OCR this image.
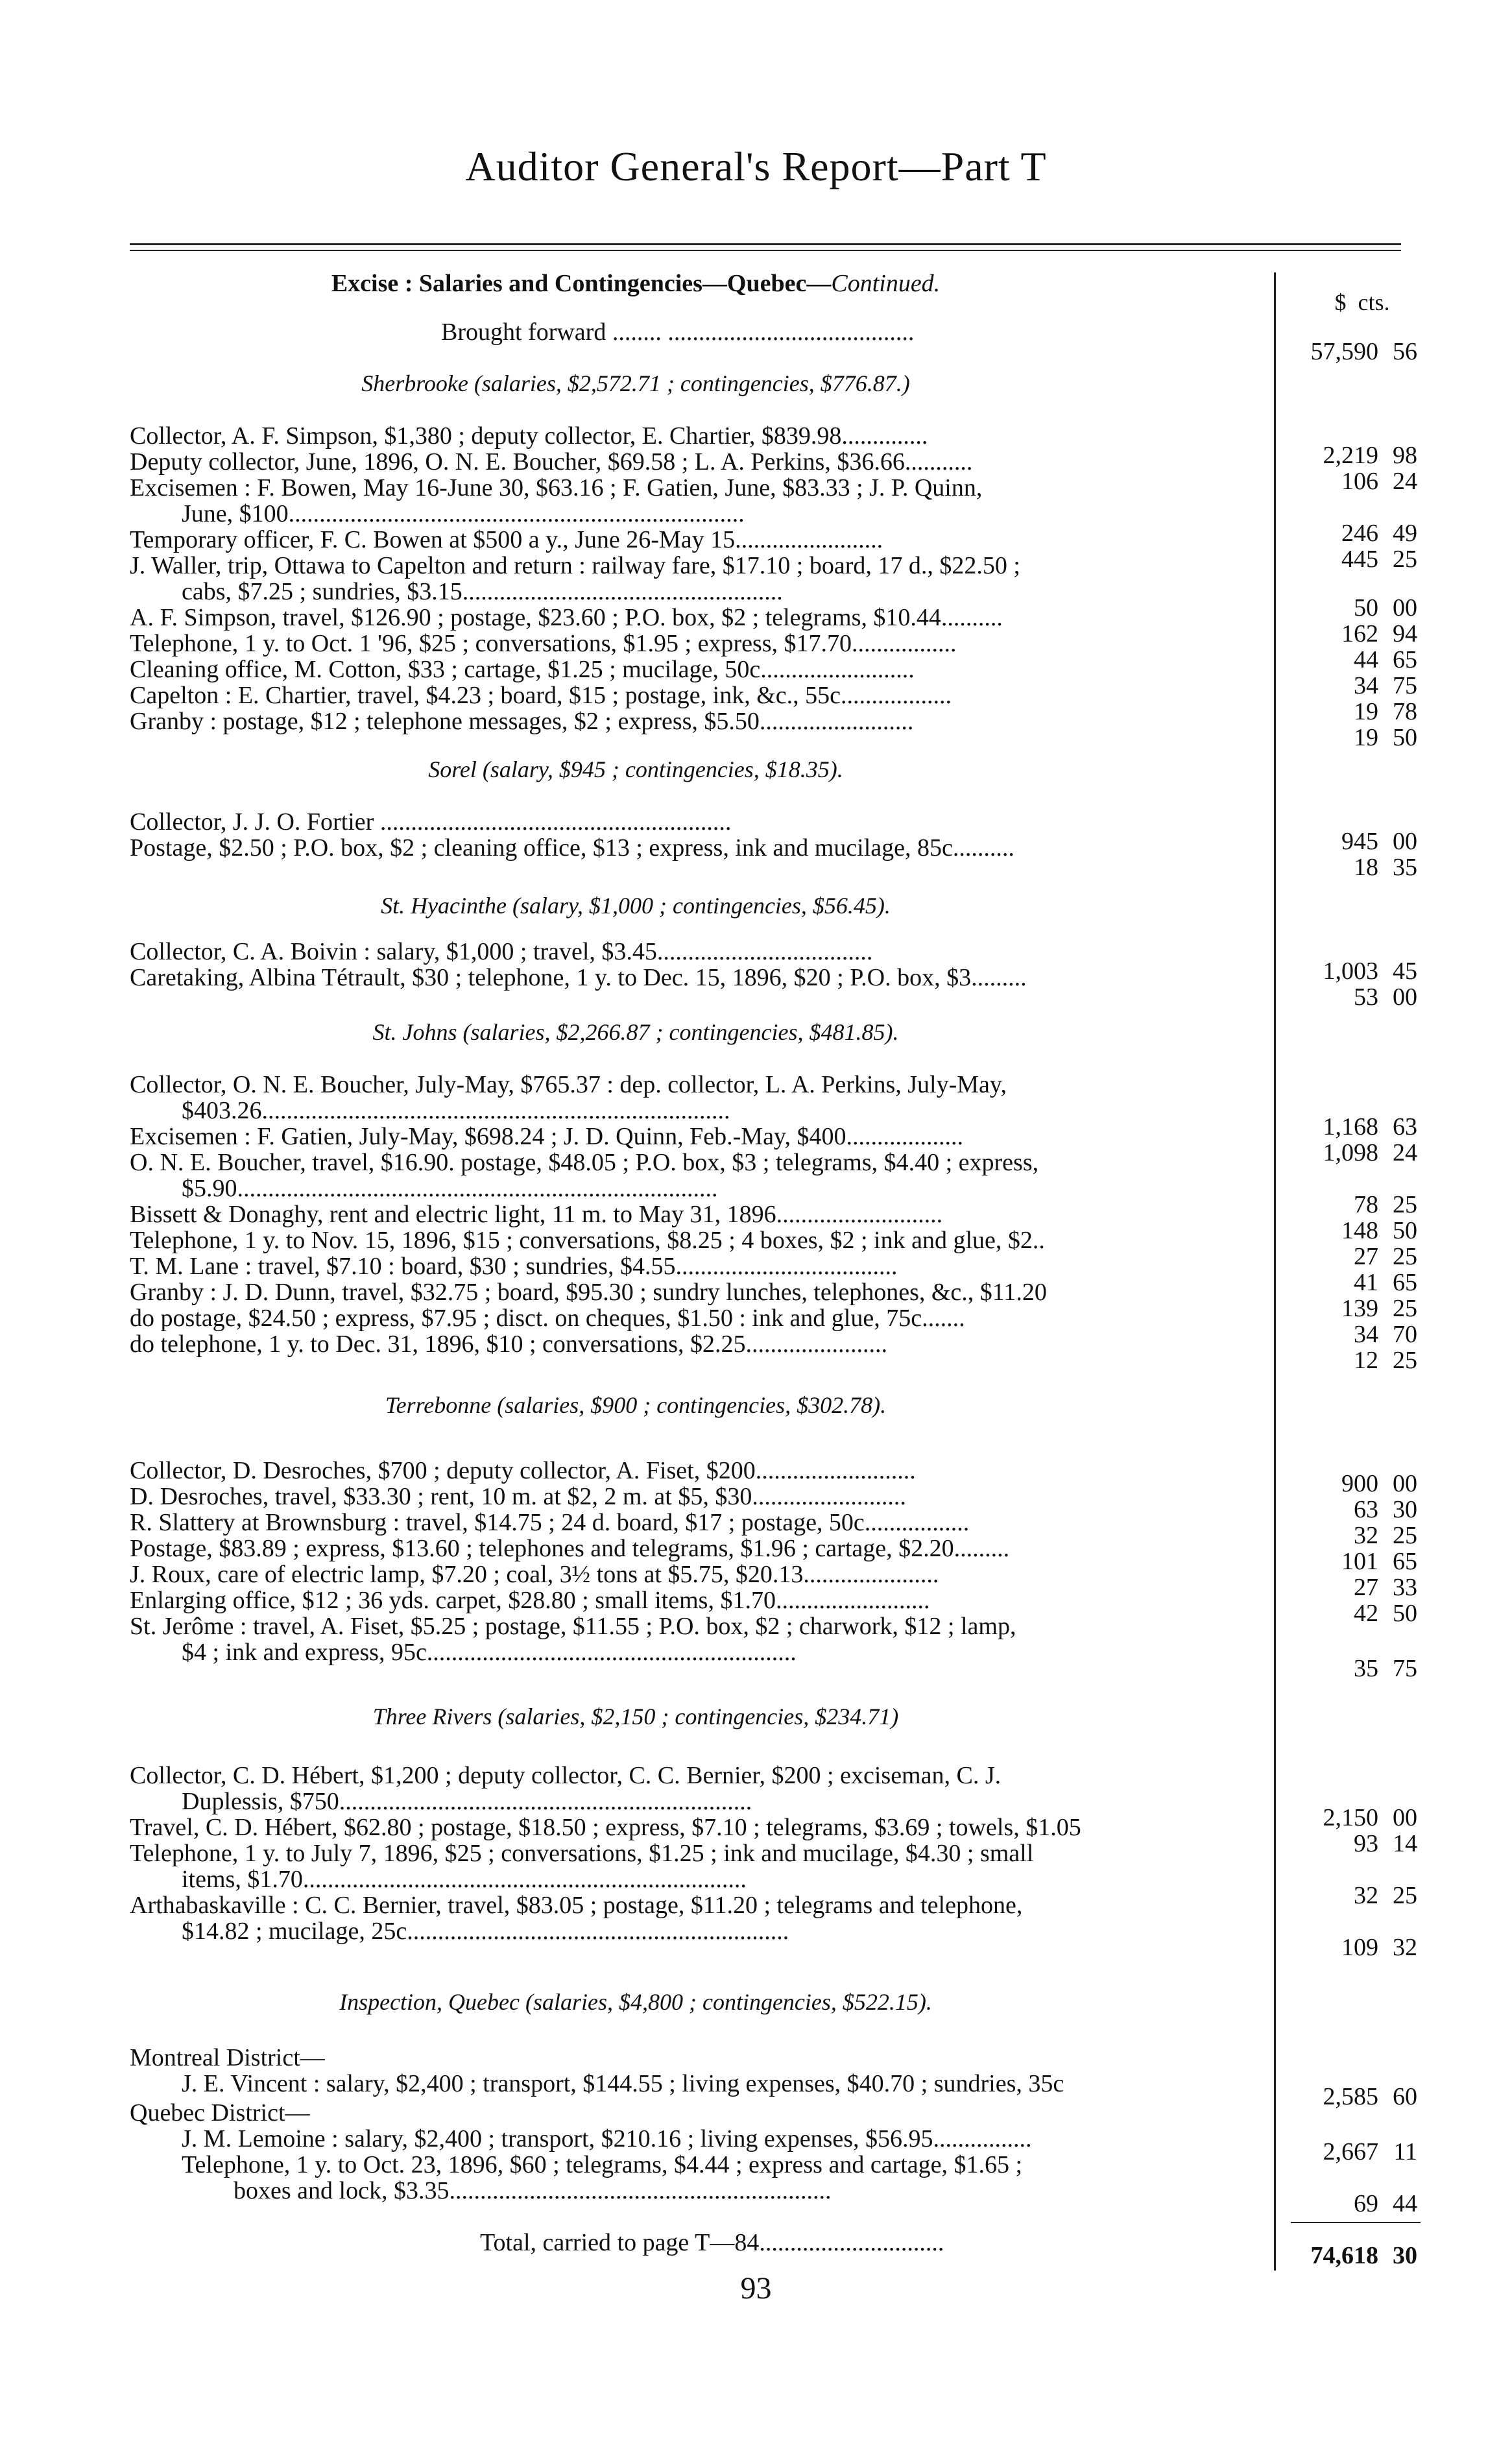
Auditor General's Report—Part T
Excise : Salaries and Contingencies—Quebec—Continued.
$ cts.
Brought forward ........ ........................................
57,590 56
Sherbrooke (salaries, $2,572.71 ; contingencies, $776.87.)
Collector, A. F. Simpson, $1,380 ; deputy collector, E. Chartier, $839.98..............
2,219 98
Deputy collector, June, 1896, O. N. E. Boucher, $69.58 ; L. A. Perkins, $36.66...........
106 24
Excisemen : F. Bowen, May 16-June 30, $63.16 ; F. Gatien, June, $83.33 ; J. P. Quinn,
June, $100..........................................................................
246 49
Temporary officer, F. C. Bowen at $500 a y., June 26-May 15........................
445 25
J. Waller, trip, Ottawa to Capelton and return : railway fare, $17.10 ; board, 17 d., $22.50 ;
cabs, $7.25 ; sundries, $3.15....................................................
50 00
A. F. Simpson, travel, $126.90 ; postage, $23.60 ; P.O. box, $2 ; telegrams, $10.44..........
162 94
Telephone, 1 y. to Oct. 1 '96, $25 ; conversations, $1.95 ; express, $17.70.................
44 65
Cleaning office, M. Cotton, $33 ; cartage, $1.25 ; mucilage, 50c.........................
34 75
Capelton : E. Chartier, travel, $4.23 ; board, $15 ; postage, ink, &c., 55c..................
19 78
Granby : postage, $12 ; telephone messages, $2 ; express, $5.50.........................
19 50
Sorel (salary, $945 ; contingencies, $18.35).
Collector, J. J. O. Fortier .........................................................
945 00
Postage, $2.50 ; P.O. box, $2 ; cleaning office, $13 ; express, ink and mucilage, 85c..........
18 35
St. Hyacinthe (salary, $1,000 ; contingencies, $56.45).
Collector, C. A. Boivin : salary, $1,000 ; travel, $3.45...................................
1,003 45
Caretaking, Albina Tétrault, $30 ; telephone, 1 y. to Dec. 15, 1896, $20 ; P.O. box, $3.........
53 00
St. Johns (salaries, $2,266.87 ; contingencies, $481.85).
Collector, O. N. E. Boucher, July-May, $765.37 : dep. collector, L. A. Perkins, July-May,
$403.26............................................................................
1,168 63
Excisemen : F. Gatien, July-May, $698.24 ; J. D. Quinn, Feb.-May, $400...................
1,098 24
O. N. E. Boucher, travel, $16.90. postage, $48.05 ; P.O. box, $3 ; telegrams, $4.40 ; express,
$5.90..............................................................................
78 25
Bissett & Donaghy, rent and electric light, 11 m. to May 31, 1896...........................
148 50
Telephone, 1 y. to Nov. 15, 1896, $15 ; conversations, $8.25 ; 4 boxes, $2 ; ink and glue, $2..
27 25
T. M. Lane : travel, $7.10 : board, $30 ; sundries, $4.55....................................
41 65
Granby : J. D. Dunn, travel, $32.75 ; board, $95.30 ; sundry lunches, telephones, &c., $11.20
139 25
do postage, $24.50 ; express, $7.95 ; disct. on cheques, $1.50 : ink and glue, 75c.......
34 70
do telephone, 1 y. to Dec. 31, 1896, $10 ; conversations, $2.25.......................
12 25
Terrebonne (salaries, $900 ; contingencies, $302.78).
Collector, D. Desroches, $700 ; deputy collector, A. Fiset, $200..........................	900 00
D. Desroches, travel, $33.30 ; rent, 10 m. at $2, 2 m. at $5, $30.........................	63 30
R. Slattery at Brownsburg : travel, $14.75 ; 24 d. board, $17 ; postage, 50c.................	32 25
Postage, $83.89 ; express, $13.60 ; telephones and telegrams, $1.96 ; cartage, $2.20.........	101 65
J. Roux, care of electric lamp, $7.20 ; coal, 3½ tons at $5.75, $20.13......................	27 33
Enlarging office, $12 ; 36 yds. carpet, $28.80 ; small items, $1.70.........................	42 50
St. Jerôme : travel, A. Fiset, $5.25 ; postage, $11.55 ; P.O. box, $2 ; charwork, $12 ; lamp,
$4 ; ink and express, 95c............................................................
35 75
Three Rivers (salaries, $2,150 ; contingencies, $234.71)
Collector, C. D. Hébert, $1,200 ; deputy collector, C. C. Bernier, $200 ; exciseman, C. J.
Duplessis, $750...................................................................
2,150 00
Travel, C. D. Hébert, $62.80 ; postage, $18.50 ; express, $7.10 ; telegrams, $3.69 ; towels, $1.05
93 14
Telephone, 1 y. to July 7, 1896, $25 ; conversations, $1.25 ; ink and mucilage, $4.30 ; small
items, $1.70........................................................................
32 25
Arthabaskaville : C. C. Bernier, travel, $83.05 ; postage, $11.20 ; telegrams and telephone,
$14.82 ; mucilage, 25c..............................................................
109 32
Inspection, Quebec (salaries, $4,800 ; contingencies, $522.15).
Montreal District—
J. E. Vincent : salary, $2,400 ; transport, $144.55 ; living expenses, $40.70 ; sundries, 35c	2,585 60
Quebec District—
J. M. Lemoine : salary, $2,400 ; transport, $210.16 ; living expenses, $56.95................	2,667 11
Telephone, 1 y. to Oct. 23, 1896, $60 ; telegrams, $4.44 ; express and cartage, $1.65 ;
boxes and lock, $3.35..............................................................	69 44
Total, carried to page T—84..............................	74,618 30
93
